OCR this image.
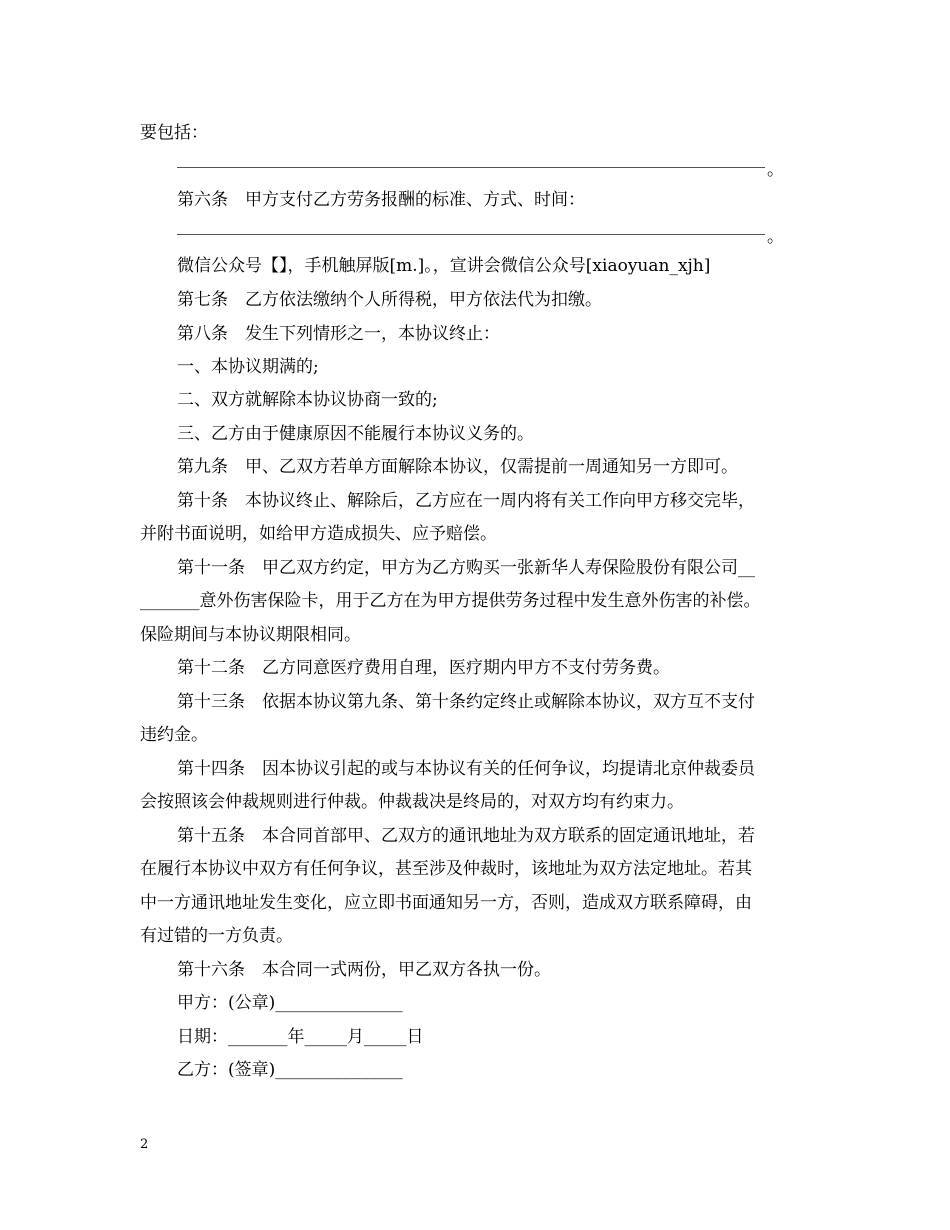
要包括：
。
第六条　甲方支付乙方劳务报酬的标准、方式、时间：
。
微信公众号【】，手机触屏版[m.]。，宣讲会微信公众号[xiaoyuan_xjh]
第七条　乙方依法缴纳个人所得税，甲方依法代为扣缴。
第八条　发生下列情形之一，本协议终止：
一、本协议期满的;
二、双方就解除本协议协商一致的;
三、乙方由于健康原因不能履行本协议义务的。
第九条　甲、乙双方若单方面解除本协议，仅需提前一周通知另一方即可。
第十条　本协议终止、解除后，乙方应在一周内将有关工作向甲方移交完毕，
并附书面说明，如给甲方造成损失、应予赔偿。
第十一条　甲乙双方约定，甲方为乙方购买一张新华人寿保险股份有限公司__
_______意外伤害保险卡，用于乙方在为甲方提供劳务过程中发生意外伤害的补偿。
保险期间与本协议期限相同。
第十二条　乙方同意医疗费用自理，医疗期内甲方不支付劳务费。
第十三条　依据本协议第九条、第十条约定终止或解除本协议，双方互不支付
违约金。
第十四条　因本协议引起的或与本协议有关的任何争议，均提请北京仲裁委员
会按照该会仲裁规则进行仲裁。仲裁裁决是终局的，对双方均有约束力。
第十五条　本合同首部甲、乙双方的通讯地址为双方联系的固定通讯地址，若
在履行本协议中双方有任何争议，甚至涉及仲裁时，该地址为双方法定地址。若其
中一方通讯地址发生变化，应立即书面通知另一方，否则，造成双方联系障碍，由
有过错的一方负责。
第十六条　本合同一式两份，甲乙双方各执一份。
甲方：(公章)_______________
日期：_______年_____月_____日
乙方：(签章)_______________
2
